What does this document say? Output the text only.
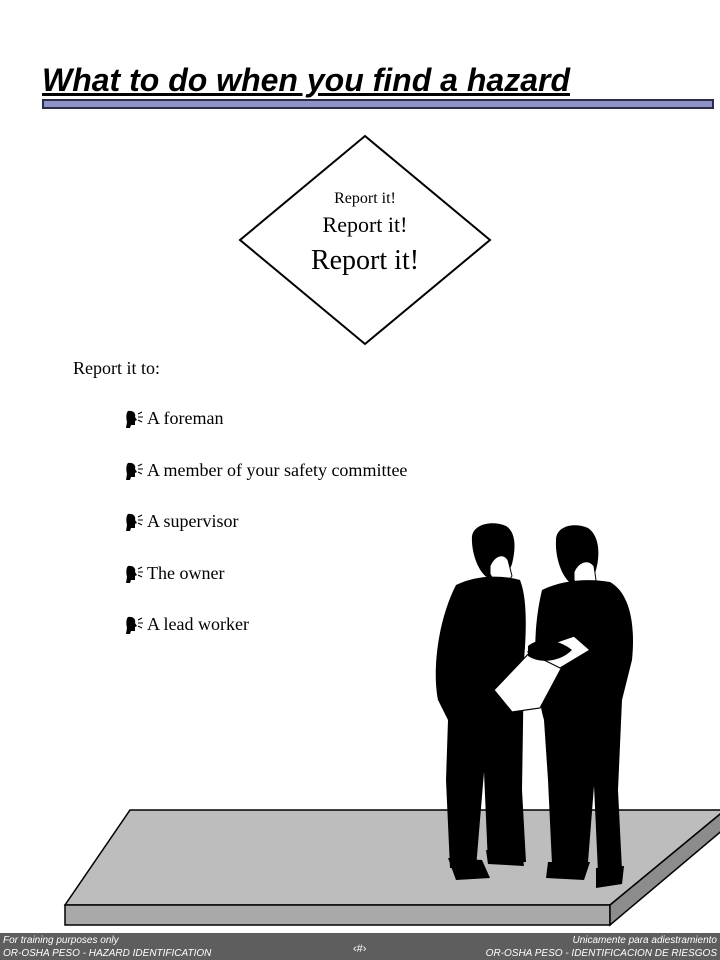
What to do when you find a hazard
Report it!
Report it!
Report it!
Report it to:
A foreman
A member of your safety committee
A supervisor
The owner
A lead worker
For training purposes only
OR-OSHA PESO - HAZARD IDENTIFICATION	‹#›
Unicamente para adiestramiento
OR-OSHA PESO - IDENTIFICACION DE RIESGOS
